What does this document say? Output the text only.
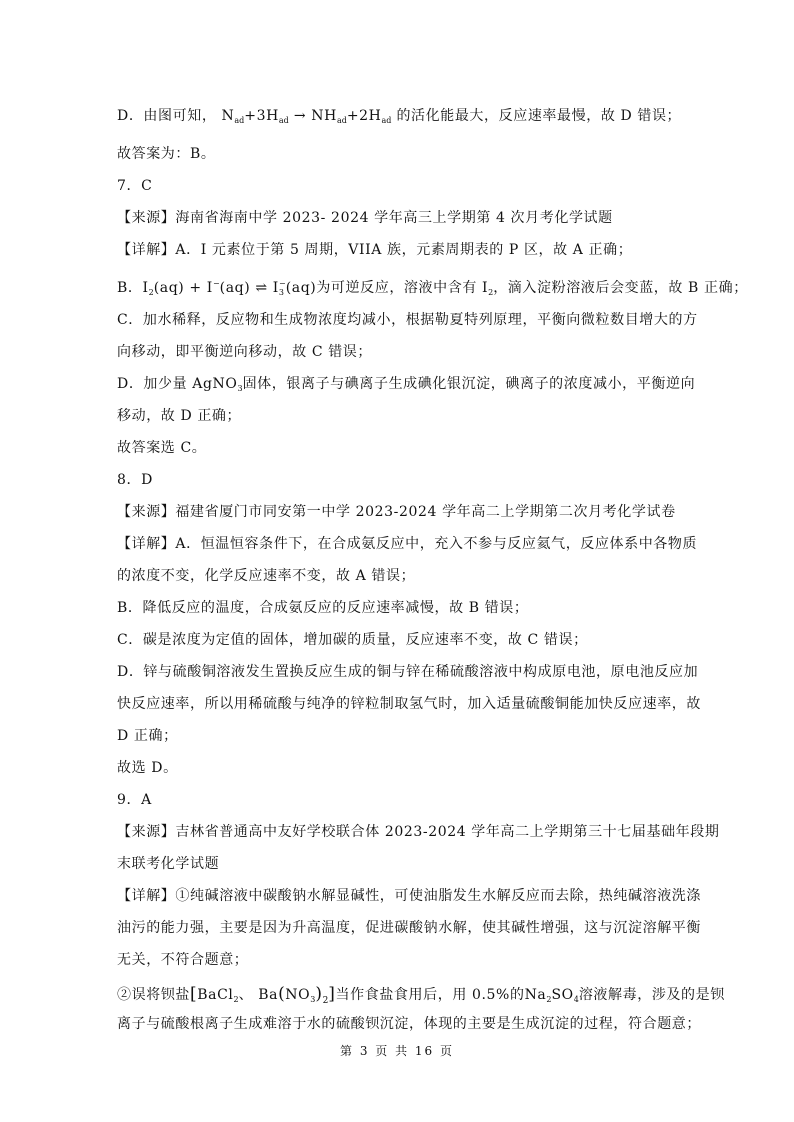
D．由图可知， $N_{ad}+3H_{ad} \to NH_{ad}+2H_{ad}$ 的活化能最大，反应速率最慢，故 D 错误；
故答案为：B。
7．C
【来源】海南省海南中学 2023- 2024 学年高三上学期第 4 次月考化学试题
【详解】A．I 元素位于第 5 周期，VIIA 族，元素周期表的 P 区，故 A 正确；
B．$I_2(aq) + I^-(aq)$ ⇌ $I_3^-(aq)$为可逆反应，溶液中含有 $I_2$，滴入淀粉溶液后会变蓝，故 B 正确；
C．加水稀释，反应物和生成物浓度均减小，根据勒夏特列原理，平衡向微粒数目增大的方
向移动，即平衡逆向移动，故 C 错误；
D．加少量 AgNO$_3$固体，银离子与碘离子生成碘化银沉淀，碘离子的浓度减小，平衡逆向
移动，故 D 正确；
故答案选 C。
8．D
【来源】福建省厦门市同安第一中学 2023-2024 学年高二上学期第二次月考化学试卷
【详解】A．恒温恒容条件下，在合成氨反应中，充入不参与反应氦气，反应体系中各物质
的浓度不变，化学反应速率不变，故 A 错误；
B．降低反应的温度，合成氨反应的反应速率减慢，故 B 错误；
C．碳是浓度为定值的固体，增加碳的质量，反应速率不变，故 C 错误；
D．锌与硫酸铜溶液发生置换反应生成的铜与锌在稀硫酸溶液中构成原电池，原电池反应加
快反应速率，所以用稀硫酸与纯净的锌粒制取氢气时，加入适量硫酸铜能加快反应速率，故
D 正确；
故选 D。
9．A
【来源】吉林省普通高中友好学校联合体 2023-2024 学年高二上学期第三十七届基础年段期
末联考化学试题
【详解】①纯碱溶液中碳酸钠水解显碱性，可使油脂发生水解反应而去除，热纯碱溶液洗涤
油污的能力强，主要是因为升高温度，促进碳酸钠水解，使其碱性增强，这与沉淀溶解平衡
无关，不符合题意；
②误将钡盐[BaCl$_2$、 $Ba(NO_3)_2$]当作食盐食用后，用 0.5%的$Na_2SO_4$溶液解毒，涉及的是钡
离子与硫酸根离子生成难溶于水的硫酸钡沉淀，体现的主要是生成沉淀的过程，符合题意；
第 3 页 共 16 页
